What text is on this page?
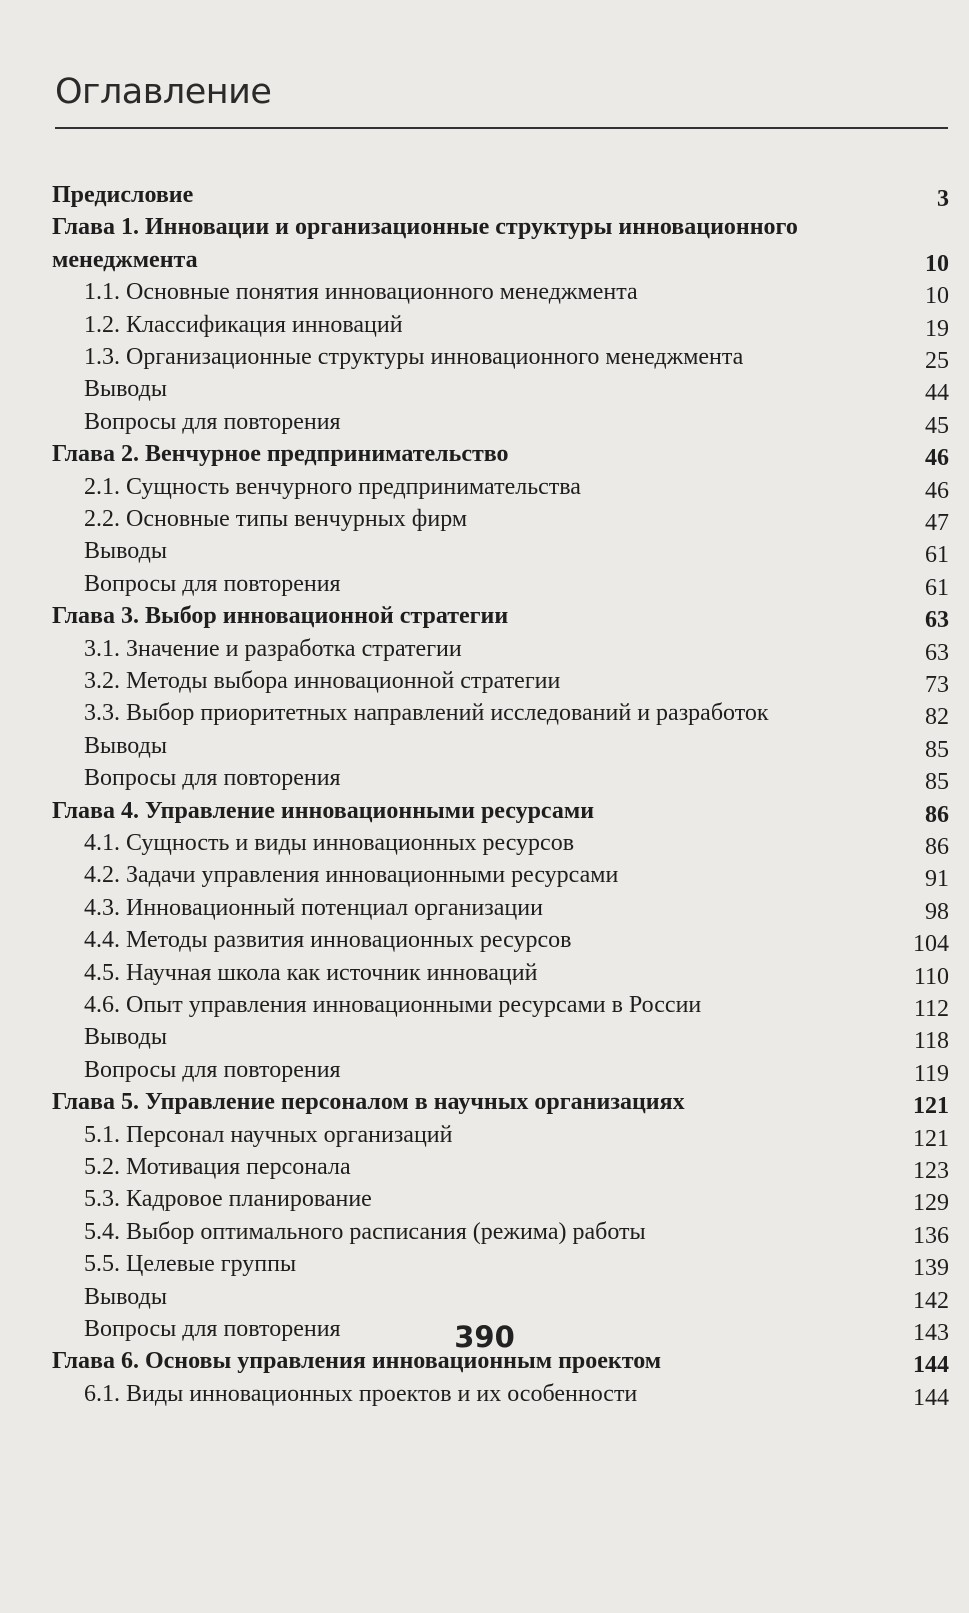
Оглавление
Предисловие	3
Глава 1. Инновации и организационные структуры инновационного
менеджмента	10
1.1. Основные понятия инновационного менеджмента	10
1.2. Классификация инноваций	19
1.3. Организационные структуры инновационного менеджмента	25
Выводы	44
Вопросы для повторения	45
Глава 2. Венчурное предпринимательство	46
2.1. Сущность венчурного предпринимательства	46
2.2. Основные типы венчурных фирм	47
Выводы	61
Вопросы для повторения	61
Глава 3. Выбор инновационной стратегии	63
3.1. Значение и разработка стратегии	63
3.2. Методы выбора инновационной стратегии	73
3.3. Выбор приоритетных направлений исследований и разработок	82
Выводы	85
Вопросы для повторения	85
Глава 4. Управление инновационными ресурсами	86
4.1. Сущность и виды инновационных ресурсов	86
4.2. Задачи управления инновационными ресурсами	91
4.3. Инновационный потенциал организации	98
4.4. Методы развития инновационных ресурсов	104
4.5. Научная школа как источник инноваций	110
4.6. Опыт управления инновационными ресурсами в России	112
Выводы	118
Вопросы для повторения	119
Глава 5. Управление персоналом в научных организациях	121
5.1. Персонал научных организаций	121
5.2. Мотивация персонала	123
5.3. Кадровое планирование	129
5.4. Выбор оптимального расписания (режима) работы	136
5.5. Целевые группы	139
Выводы	142
Вопросы для повторения	143
Глава 6. Основы управления инновационным проектом	144
6.1. Виды инновационных проектов и их особенности	144
390
